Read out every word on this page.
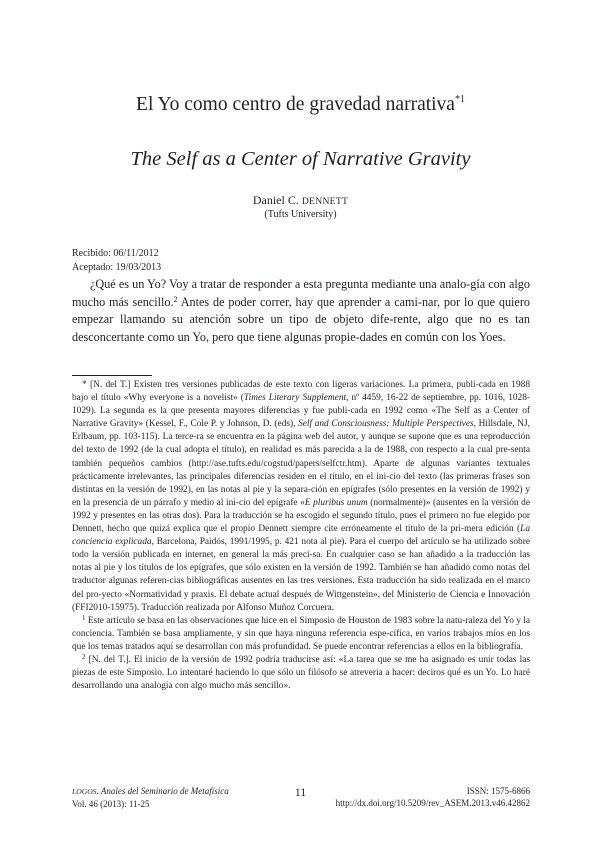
El Yo como centro de gravedad narrativa$^{*1}$
The Self as a Center of Narrative Gravity
Daniel C. DENNETT
(Tufts University)
Recibido: 06/11/2012
Aceptado: 19/03/2013

¿Qué es un Yo? Voy a tratar de responder a esta pregunta mediante una analo-gía con algo mucho más sencillo.$^2$ Antes de poder correr, hay que aprender a cami-nar, por lo que quiero empezar llamando su atención sobre un tipo de objeto dife-rente, algo que no es tan desconcertante como un Yo, pero que tiene algunas propie-dades en común con los Yoes.

* [N. del T.] Existen tres versiones publicadas de este texto con ligeras variaciones. La primera, publi-cada en 1988 bajo el título «Why everyone is a novelist» (Times Literary Supplement, nº 4459, 16-22 de septiembre, pp. 1016, 1028-1029). La segunda es la que presenta mayores diferencias y fue publi-cada en 1992 como «The Self as a Center of Narrative Gravity» (Kessel, F., Cole P. y Johnson, D. (eds), Self and Consciousness: Multiple Perspectives, Hillsdale, NJ, Erlbaum, pp. 103-115). La terce-ra se encuentra en la página web del autor, y aunque se supone que es una reproducción del texto de 1992 (de la cual adopta el título), en realidad es más parecida a la de 1988, con respecto a la cual pre-senta también pequeños cambios (http://ase.tufts.edu/cogstud/papers/selfctr.htm). Aparte de algunas variantes textuales prácticamente irrelevantes, las principales diferencias residen en el título, en el ini-cio del texto (las primeras frases son distintas en la versión de 1992), en las notas al pie y la separa-ción en epígrafes (sólo presentes en la versión de 1992) y en la presencia de un párrafo y medio al ini-cio del epígrafe «E pluribus unum (normalmente)» (ausentes en la versión de 1992 y presentes en las otras dos). Para la traducción se ha escogido el segundo título, pues el primero no fue elegido por Dennett, hecho que quizá explica que el propio Dennett siempre cite erróneamente el título de la pri-mera edición (La conciencia explicada, Barcelona, Paidós, 1991/1995, p. 421 nota al pie). Para el cuerpo del artículo se ha utilizado sobre todo la versión publicada en internet, en general la más preci-sa. En cualquier caso se han añadido a la traducción las notas al pie y los títulos de los epígrafes, que sólo existen en la versión de 1992. También se han añadido como notas del traductor algunas referen-cias bibliográficas ausentes en las tres versiones. Esta traducción ha sido realizada en el marco del pro-yecto «Normatividad y praxis. El debate actual después de Wittgenstein», del Ministerio de Ciencia e Innovación (FFI2010-15975). Traducción realizada por Alfonso Muñoz Corcuera.

$^1$ Este artículo se basa en las observaciones que hice en el Simposio de Houston de 1983 sobre la natu-raleza del Yo y la conciencia. También se basa ampliamente, y sin que haya ninguna referencia espe-cífica, en varios trabajos míos en los que los temas tratados aquí se desarrollan con más profundidad. Se puede encontrar referencias a ellos en la bibliografía.

$^2$ [N. del T.]. El inicio de la versión de 1992 podría traducirse así: «La tarea que se me ha asignado es unir todas las piezas de este Simposio. Lo intentaré haciendo lo que sólo un filósofo se atrevería a hacer: deciros qué es un Yo. Lo haré desarrollando una analogía con algo mucho más sencillo».

LOGOS. Anales del Seminario de Metafísica
Vol. 46 (2013): 11-25
11	ISSN: 1575-6866
http://dx.doi.org/10.5209/rev_ASEM.2013.v46.42862
